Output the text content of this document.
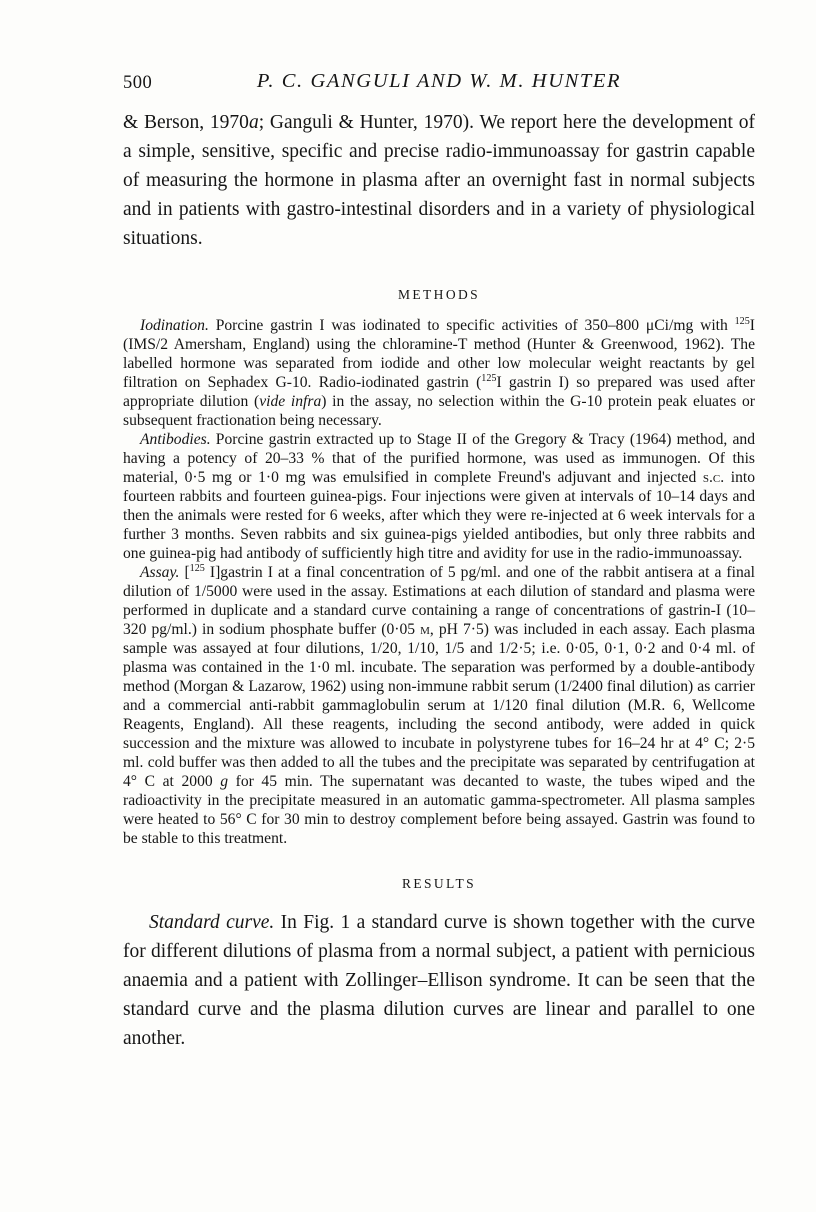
500	P. C. GANGULI AND W. M. HUNTER

& Berson, 1970a; Ganguli & Hunter, 1970). We report here the development of a simple, sensitive, specific and precise radio-immunoassay for gastrin capable of measuring the hormone in plasma after an overnight fast in normal subjects and in patients with gastro-intestinal disorders and in a variety of physiological situations.

METHODS

Iodination. Porcine gastrin I was iodinated to specific activities of 350–800 μCi/mg with $^{125}$I (IMS/2 Amersham, England) using the chloramine-T method (Hunter & Greenwood, 1962). The labelled hormone was separated from iodide and other low molecular weight reactants by gel filtration on Sephadex G-10. Radio-iodinated gastrin ($^{125}$I gastrin I) so prepared was used after appropriate dilution (vide infra) in the assay, no selection within the G-10 protein peak eluates or subsequent fractionation being necessary.

Antibodies. Porcine gastrin extracted up to Stage II of the Gregory & Tracy (1964) method, and having a potency of 20–33 % that of the purified hormone, was used as immunogen. Of this material, 0·5 mg or 1·0 mg was emulsified in complete Freund's adjuvant and injected s.c. into fourteen rabbits and fourteen guinea-pigs. Four injections were given at intervals of 10–14 days and then the animals were rested for 6 weeks, after which they were re-injected at 6 week intervals for a further 3 months. Seven rabbits and six guinea-pigs yielded antibodies, but only three rabbits and one guinea-pig had antibody of sufficiently high titre and avidity for use in the radio-immunoassay.

Assay. [$^{125}$ I]gastrin I at a final concentration of 5 pg/ml. and one of the rabbit antisera at a final dilution of 1/5000 were used in the assay. Estimations at each dilution of standard and plasma were performed in duplicate and a standard curve containing a range of concentrations of gastrin-I (10–320 pg/ml.) in sodium phosphate buffer (0·05 m, pH 7·5) was included in each assay. Each plasma sample was assayed at four dilutions, 1/20, 1/10, 1/5 and 1/2·5; i.e. 0·05, 0·1, 0·2 and 0·4 ml. of plasma was contained in the 1·0 ml. incubate. The separation was performed by a double-antibody method (Morgan & Lazarow, 1962) using non-immune rabbit serum (1/2400 final dilution) as carrier and a commercial anti-rabbit gammaglobulin serum at 1/120 final dilution (M.R. 6, Wellcome Reagents, England). All these reagents, including the second antibody, were added in quick succession and the mixture was allowed to incubate in polystyrene tubes for 16–24 hr at 4° C; 2·5 ml. cold buffer was then added to all the tubes and the precipitate was separated by centrifugation at 4° C at 2000 g for 45 min. The supernatant was decanted to waste, the tubes wiped and the radioactivity in the precipitate measured in an automatic gamma-spectrometer. All plasma samples were heated to 56° C for 30 min to destroy complement before being assayed. Gastrin was found to be stable to this treatment.

RESULTS

Standard curve. In Fig. 1 a standard curve is shown together with the curve for different dilutions of plasma from a normal subject, a patient with pernicious anaemia and a patient with Zollinger–Ellison syndrome. It can be seen that the standard curve and the plasma dilution curves are linear and parallel to one another.
